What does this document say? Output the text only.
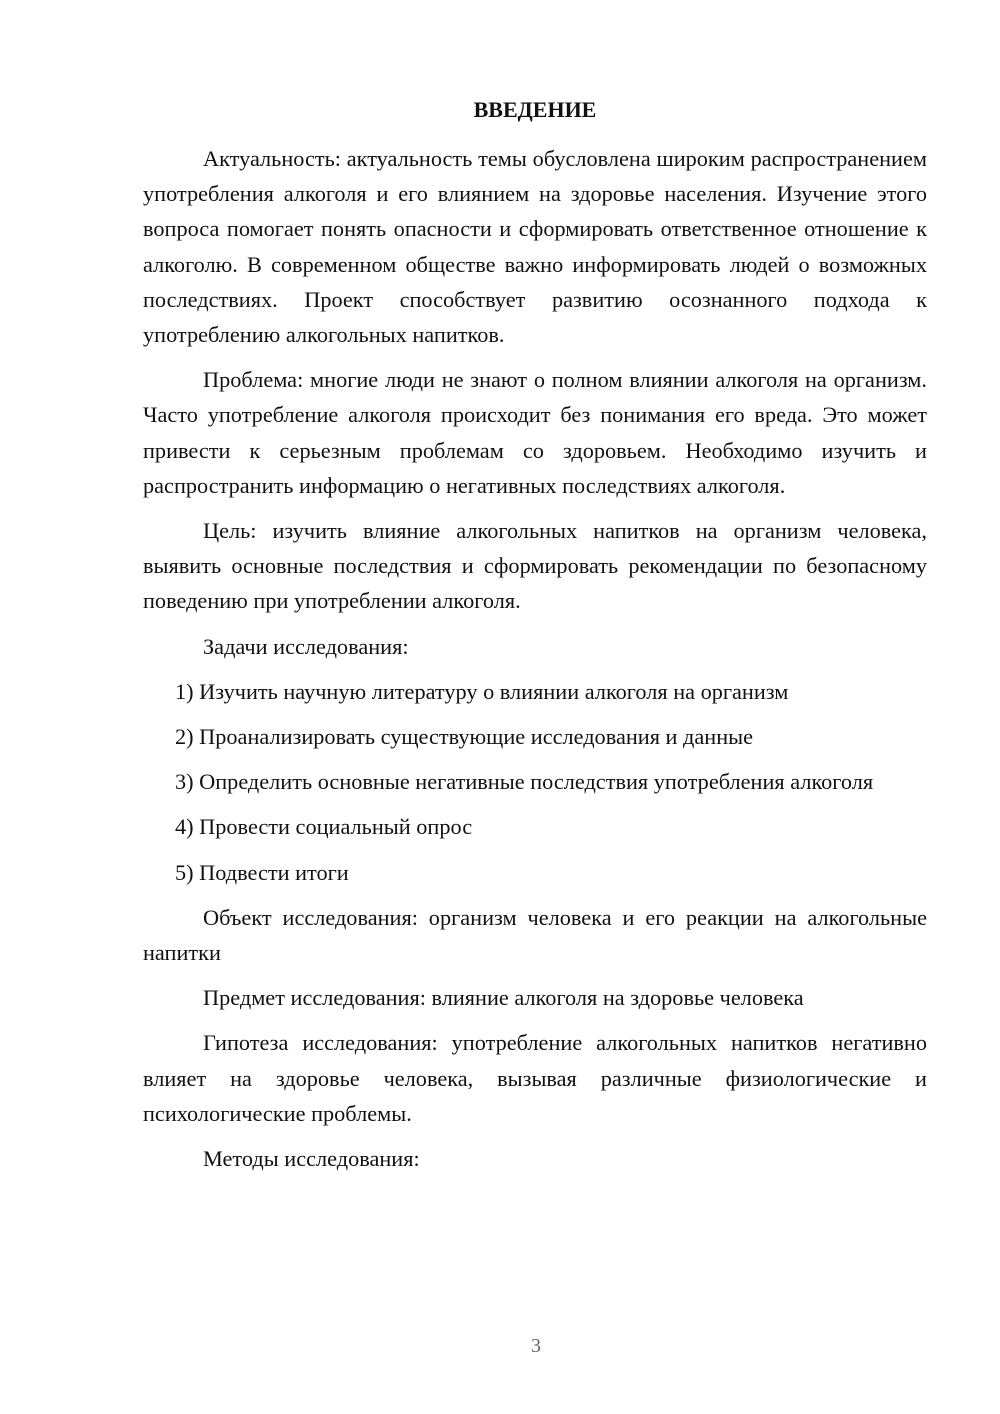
ВВЕДЕНИЕ

Актуальность: актуальность темы обусловлена широким распространением употребления алкоголя и его влиянием на здоровье населения. Изучение этого вопроса помогает понять опасности и сформировать ответственное отношение к алкоголю. В современном обществе важно информировать людей о возможных последствиях. Проект способствует развитию осознанного подхода к употреблению алкогольных напитков.

Проблема: многие люди не знают о полном влиянии алкоголя на организм. Часто употребление алкоголя происходит без понимания его вреда. Это может привести к серьезным проблемам со здоровьем. Необходимо изучить и распространить информацию о негативных последствиях алкоголя.

Цель: изучить влияние алкогольных напитков на организм человека, выявить основные последствия и сформировать рекомендации по безопасному поведению при употреблении алкоголя.

Задачи исследования:

1) Изучить научную литературу о влиянии алкоголя на организм

2) Проанализировать существующие исследования и данные

3) Определить основные негативные последствия употребления алкоголя

4) Провести социальный опрос

5) Подвести итоги

Объект исследования: организм человека и его реакции на алкогольные напитки

Предмет исследования: влияние алкоголя на здоровье человека

Гипотеза исследования: употребление алкогольных напитков негативно влияет на здоровье человека, вызывая различные физиологические и психологические проблемы.

Методы исследования:

3
